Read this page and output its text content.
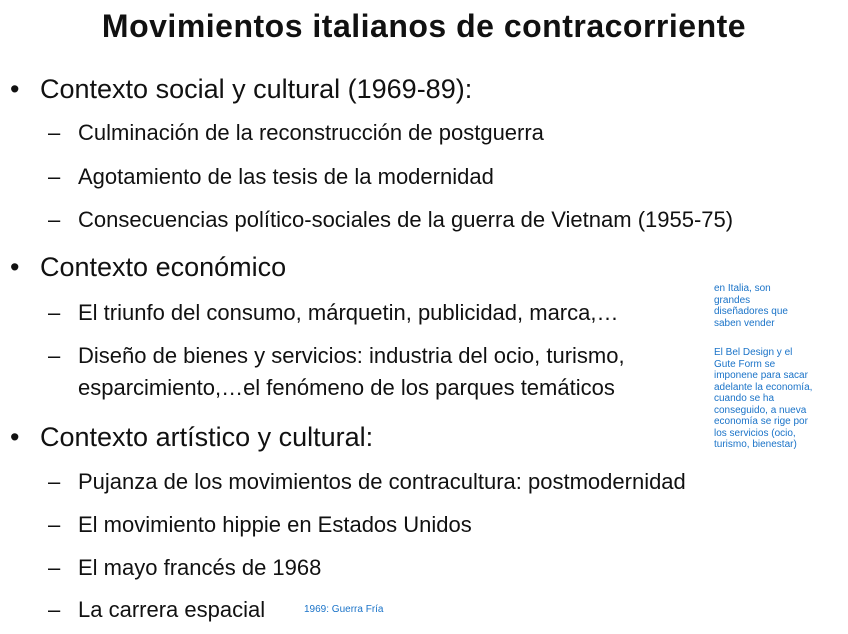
Movimientos italianos de contracorriente
• Contexto social y cultural (1969-89):
– Culminación de la reconstrucción de postguerra
– Agotamiento de las tesis de la modernidad
– Consecuencias político-sociales de la guerra de Vietnam (1955-75)
• Contexto económico
– El triunfo del consumo, márquetin, publicidad, marca,…
– Diseño de bienes y servicios: industria del ocio, turismo,
esparcimiento,…el fenómeno de los parques temáticos
• Contexto artístico y cultural:
– Pujanza de los movimientos de contracultura: postmodernidad
– El movimiento hippie en Estados Unidos
– El mayo francés de 1968
– La carrera espacial	1969: Guerra Fría
en Italia, son
grandes
diseñadores que
saben vender
El Bel Design y el
Gute Form se
imponene para sacar
adelante la economía,
cuando se ha
conseguido, a nueva
economía se rige por
los servicios (ocio,
turismo, bienestar)
